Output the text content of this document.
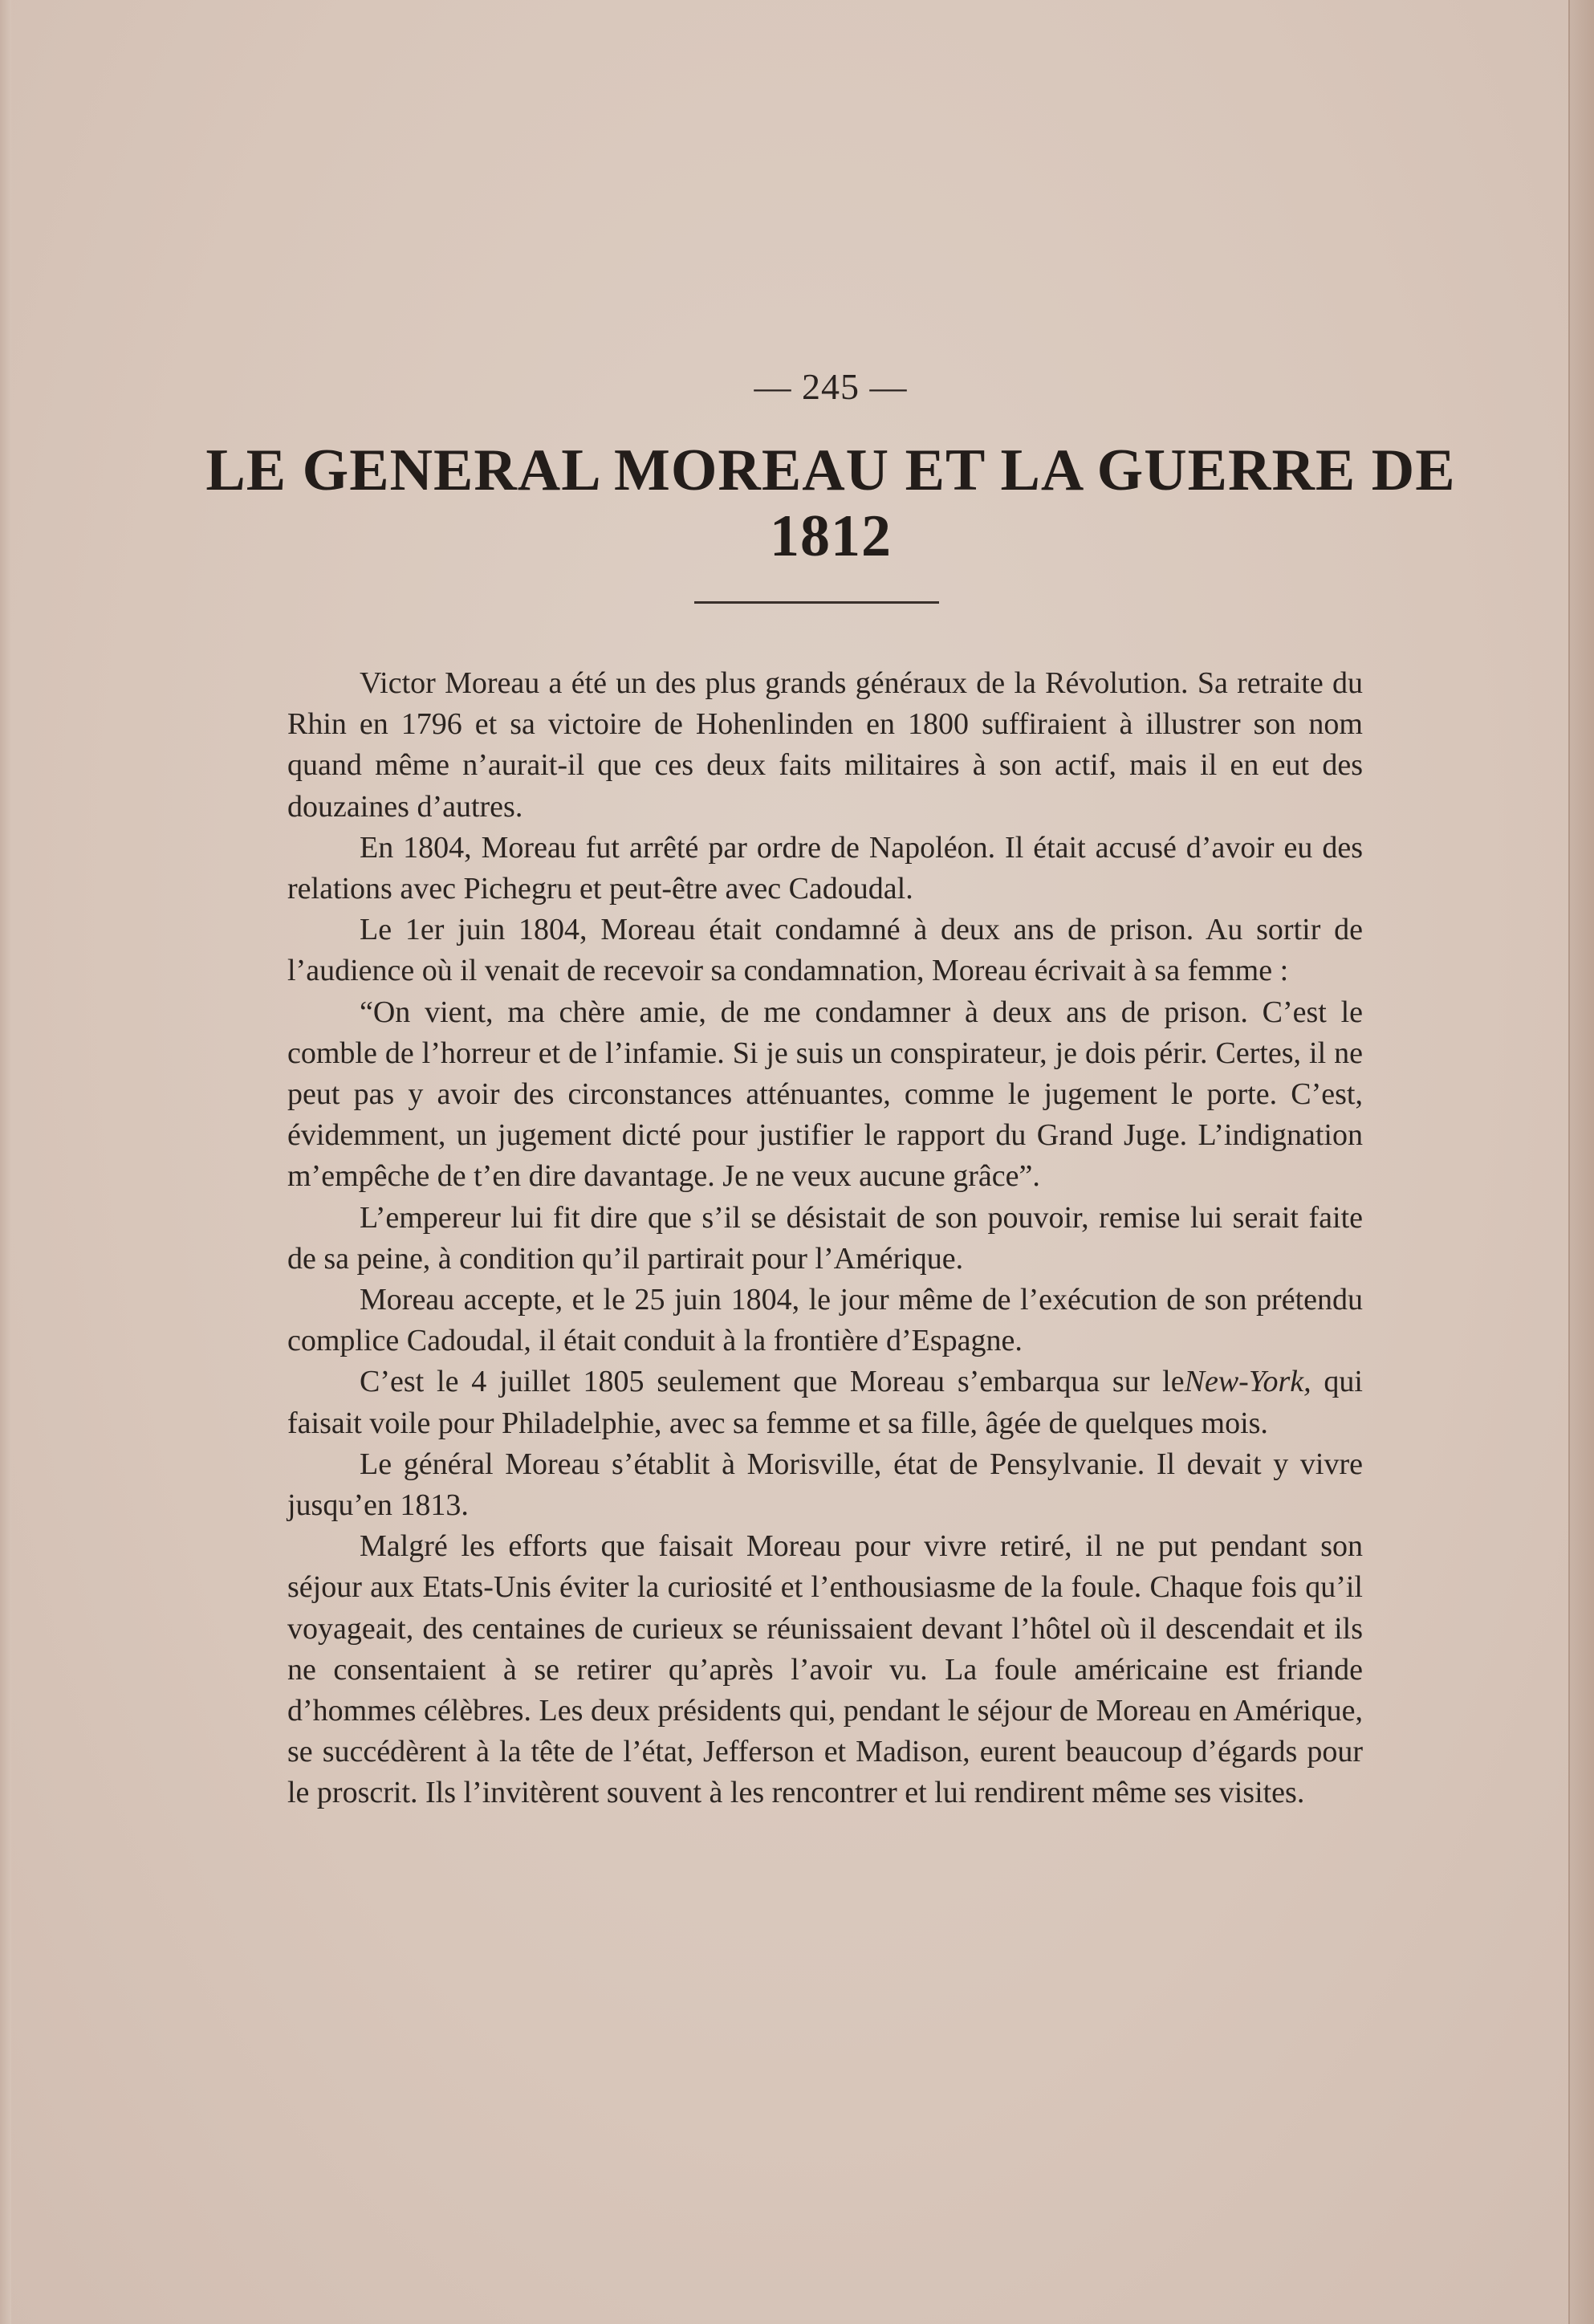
— 245 —
LE GENERAL MOREAU ET LA GUERRE DE 1812

Victor Moreau a été un des plus grands généraux de la Révolution. Sa retraite du Rhin en 1796 et sa victoire de Hohenlinden en 1800 suffiraient à illustrer son nom quand même n’aurait-il que ces deux faits militaires à son actif, mais il en eut des douzaines d’autres.

En 1804, Moreau fut arrêté par ordre de Napoléon. Il était accusé d’avoir eu des relations avec Pichegru et peut-être avec Cadoudal.

Le 1er juin 1804, Moreau était condamné à deux ans de prison. Au sortir de l’audience où il venait de recevoir sa condamnation, Moreau écrivait à sa femme :

“On vient, ma chère amie, de me condamner à deux ans de prison. C’est le comble de l’horreur et de l’infamie. Si je suis un conspirateur, je dois périr. Certes, il ne peut pas y avoir des circonstances atténuantes, comme le jugement le porte. C’est, évidemment, un jugement dicté pour justifier le rapport du Grand Juge. L’indignation m’empêche de t’en dire davantage. Je ne veux aucune grâce”.

L’empereur lui fit dire que s’il se désistait de son pouvoir, remise lui serait faite de sa peine, à condition qu’il partirait pour l’Amérique.

Moreau accepte, et le 25 juin 1804, le jour même de l’exécution de son prétendu complice Cadoudal, il était conduit à la frontière d’Espagne.

C’est le 4 juillet 1805 seulement que Moreau s’embarqua sur leNew-York, qui faisait voile pour Philadelphie, avec sa femme et sa fille, âgée de quelques mois.

Le général Moreau s’établit à Morisville, état de Pensylvanie. Il devait y vivre jusqu’en 1813.

Malgré les efforts que faisait Moreau pour vivre retiré, il ne put pendant son séjour aux Etats-Unis éviter la curiosité et l’enthousiasme de la foule. Chaque fois qu’il voyageait, des centaines de curieux se réunissaient devant l’hôtel où il descendait et ils ne consentaient à se retirer qu’après l’avoir vu. La foule américaine est friande d’hommes célèbres. Les deux présidents qui, pendant le séjour de Moreau en Amérique, se succédèrent à la tête de l’état, Jefferson et Madison, eurent beaucoup d’égards pour le proscrit. Ils l’invitèrent souvent à les rencontrer et lui rendirent même ses visites.
